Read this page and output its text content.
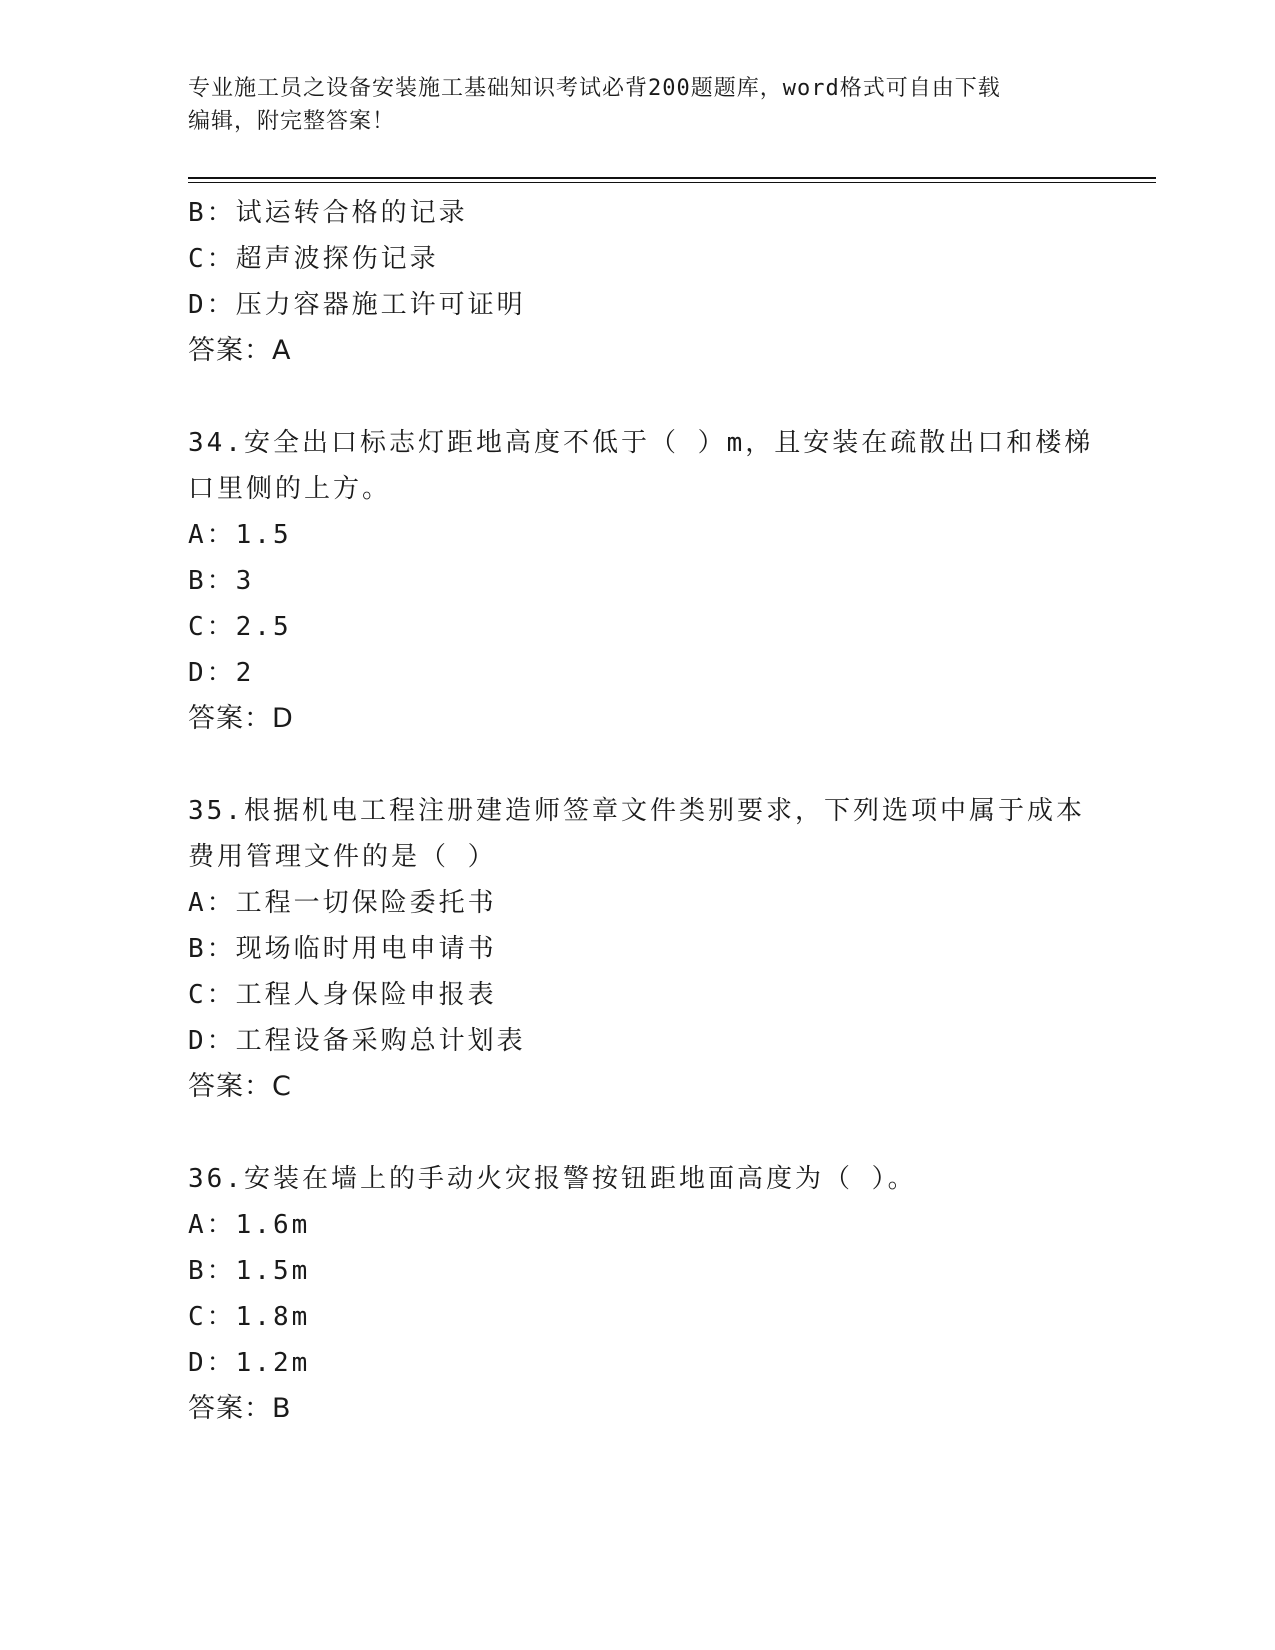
专业施工员之设备安装施工基础知识考试必背200题题库，word格式可自由下载
编辑，附完整答案！
B：试运转合格的记录
C：超声波探伤记录
D：压力容器施工许可证明
答案：A
34.安全出口标志灯距地高度不低于（ ）m，且安装在疏散出口和楼梯
口里侧的上方。
A：1.5
B：3
C：2.5
D：2
答案：D
35.根据机电工程注册建造师签章文件类别要求，下列选项中属于成本
费用管理文件的是（ ）
A：工程一切保险委托书
B：现场临时用电申请书
C：工程人身保险申报表
D：工程设备采购总计划表
答案：C
36.安装在墙上的手动火灾报警按钮距地面高度为（ ）。
A：1.6m
B：1.5m
C：1.8m
D：1.2m
答案：B
